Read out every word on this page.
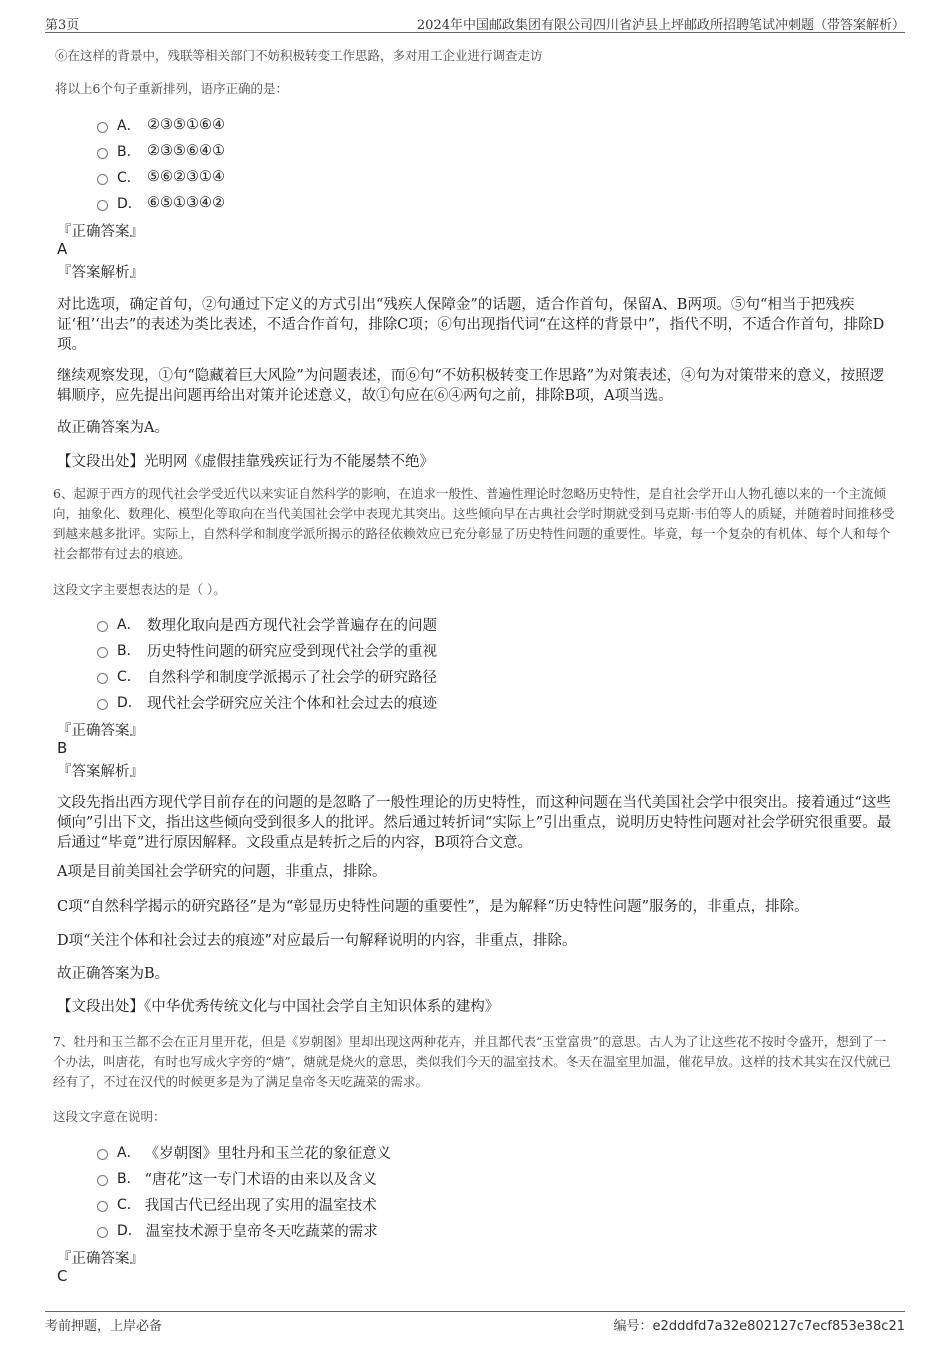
第3页	2024年中国邮政集团有限公司四川省泸县上坪邮政所招聘笔试冲刺题（带答案解析）
⑥在这样的背景中，残联等相关部门不妨积极转变工作思路，多对用工企业进行调查走访
将以上6个句子重新排列，语序正确的是：
A． ②③⑤①⑥④
B． ②③⑤⑥④①
C． ⑤⑥②③①④
D． ⑥⑤①③④②
『正确答案』
A
『答案解析』
对比选项，确定首句，②句通过下定义的方式引出“残疾人保障金”的话题，适合作首句，保留A、B两项。⑤句“相当于把残疾证‘租’‘出去”的表述为类比表述，不适合作首句，排除C项；⑥句出现指代词“在这样的背景中”，指代不明，不适合作首句，排除D项。
继续观察发现，①句“隐藏着巨大风险”为问题表述，而⑥句“不妨积极转变工作思路”为对策表述，④句为对策带来的意义，按照逻辑顺序，应先提出问题再给出对策并论述意义，故①句应在⑥④两句之前，排除B项，A项当选。
故正确答案为A。
【文段出处】光明网《虚假挂靠残疾证行为不能屡禁不绝》
6、起源于西方的现代社会学受近代以来实证自然科学的影响，在追求一般性、普遍性理论时忽略历史特性，是自社会学开山人物孔德以来的一个主流倾向，抽象化、数理化、模型化等取向在当代美国社会学中表现尤其突出。这些倾向早在古典社会学时期就受到马克斯·韦伯等人的质疑，并随着时间推移受到越来越多批评。实际上，自然科学和制度学派所揭示的路径依赖效应已充分彰显了历史特性问题的重要性。毕竟，每一个复杂的有机体、每个人和每个社会都带有过去的痕迹。
这段文字主要想表达的是（ ）。
A． 数理化取向是西方现代社会学普遍存在的问题
B． 历史特性问题的研究应受到现代社会学的重视
C． 自然科学和制度学派揭示了社会学的研究路径
D． 现代社会学研究应关注个体和社会过去的痕迹
『正确答案』
B
『答案解析』
文段先指出西方现代学目前存在的问题的是忽略了一般性理论的历史特性，而这种问题在当代美国社会学中很突出。接着通过“这些倾向”引出下文，指出这些倾向受到很多人的批评。然后通过转折词“实际上”引出重点，说明历史特性问题对社会学研究很重要。最后通过“毕竟”进行原因解释。文段重点是转折之后的内容，B项符合文意。
A项是目前美国社会学研究的问题，非重点，排除。
C项“自然科学揭示的研究路径”是为“彰显历史特性问题的重要性”，是为解释“历史特性问题”服务的，非重点，排除。
D项“关注个体和社会过去的痕迹”对应最后一句解释说明的内容，非重点，排除。
故正确答案为B。
【文段出处】《中华优秀传统文化与中国社会学自主知识体系的建构》
7、牡丹和玉兰都不会在正月里开花，但是《岁朝图》里却出现这两种花卉，并且都代表“玉堂富贵”的意思。古人为了让这些花不按时令盛开，想到了一个办法，叫唐花，有时也写成火字旁的“煻”，煻就是烧火的意思，类似我们今天的温室技术。冬天在温室里加温，催花早放。这样的技术其实在汉代就已经有了，不过在汉代的时候更多是为了满足皇帝冬天吃蔬菜的需求。
这段文字意在说明：
A． 《岁朝图》里牡丹和玉兰花的象征意义
B． “唐花”这一专门术语的由来以及含义
C． 我国古代已经出现了实用的温室技术
D． 温室技术源于皇帝冬天吃蔬菜的需求
『正确答案』
C
考前押题，上岸必备	编号：e2dddfd7a32e802127c7ecf853e38c21
